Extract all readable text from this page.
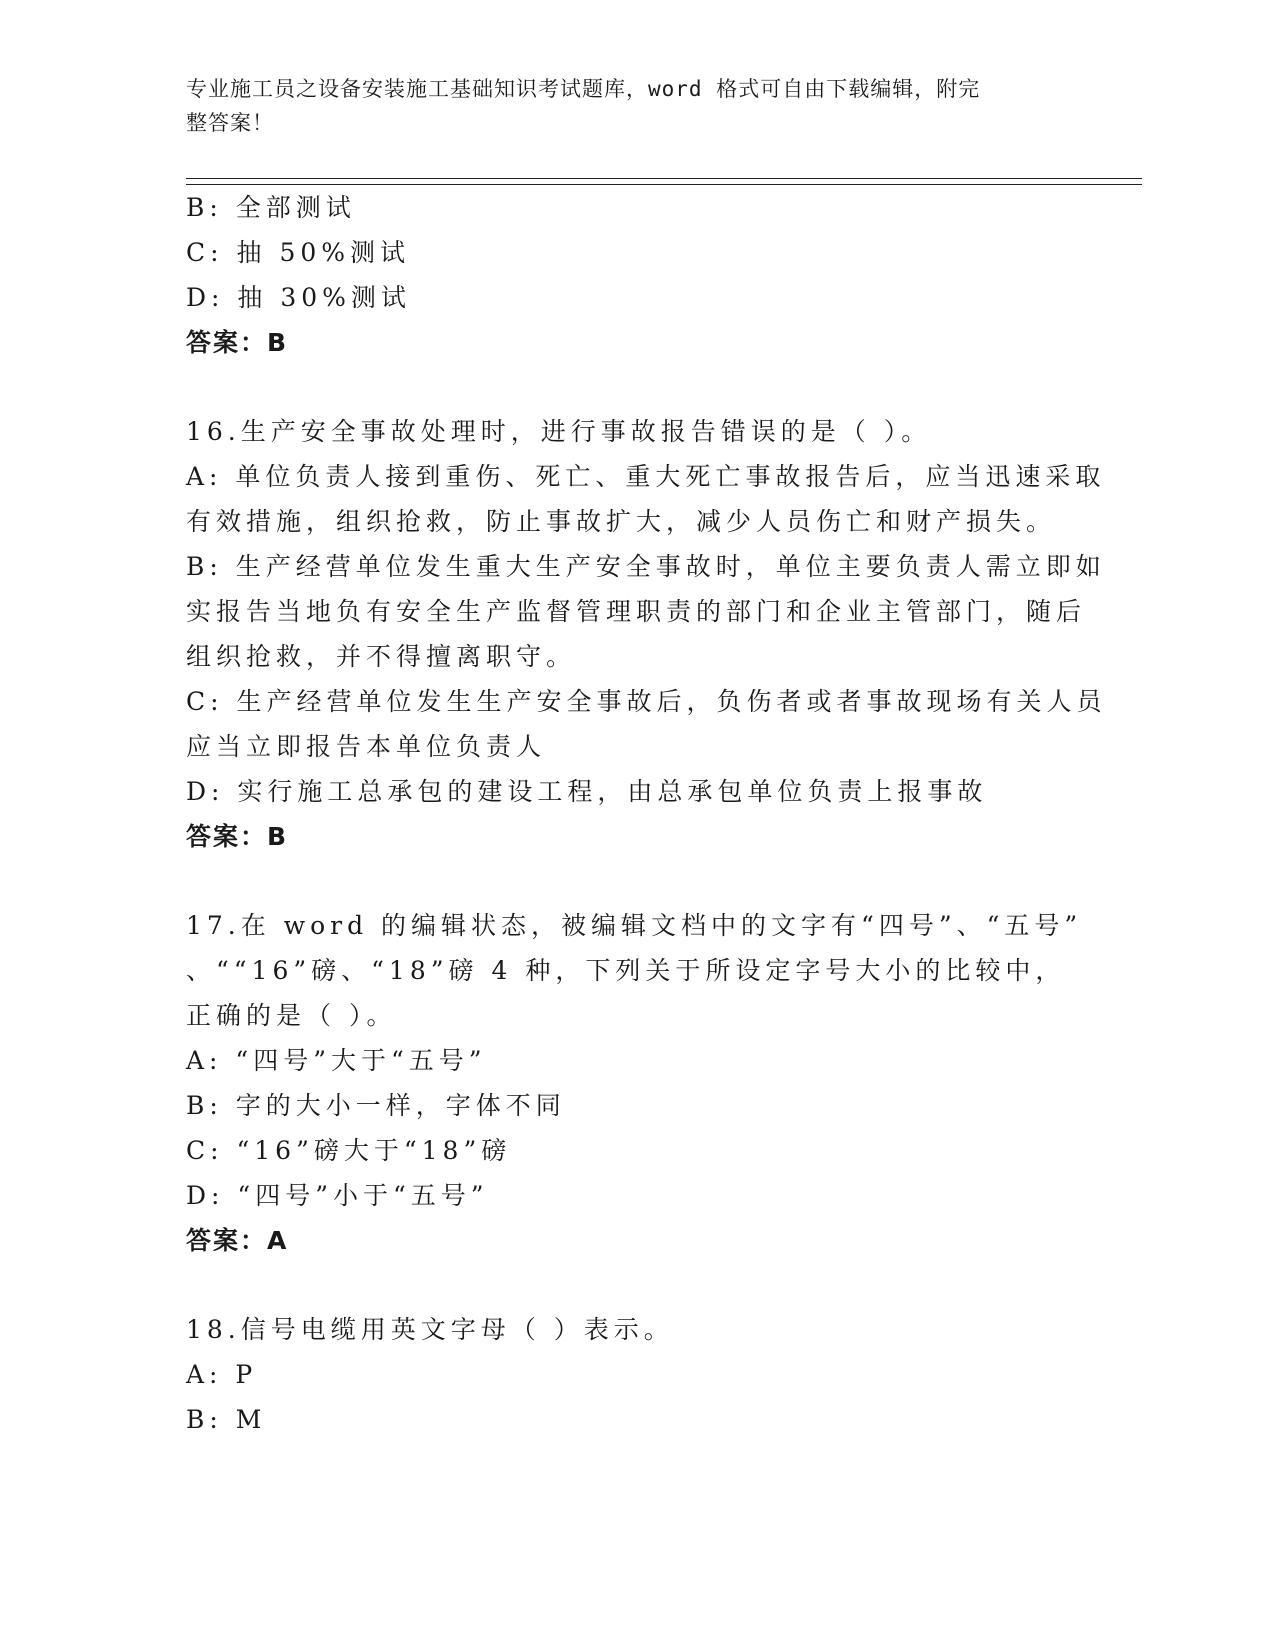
专业施工员之设备安装施工基础知识考试题库，word 格式可自由下载编辑，附完
整答案！
B: 全部测试
C: 抽 50%测试
D: 抽 30%测试
答案：B
16.生产安全事故处理时，进行事故报告错误的是（ ）。
A: 单位负责人接到重伤、死亡、重大死亡事故报告后，应当迅速采取
有效措施，组织抢救，防止事故扩大，减少人员伤亡和财产损失。
B: 生产经营单位发生重大生产安全事故时，单位主要负责人需立即如
实报告当地负有安全生产监督管理职责的部门和企业主管部门，随后
组织抢救，并不得擅离职守。
C: 生产经营单位发生生产安全事故后，负伤者或者事故现场有关人员
应当立即报告本单位负责人
D: 实行施工总承包的建设工程，由总承包单位负责上报事故
答案：B
17.在 word 的编辑状态，被编辑文档中的文字有“四号”、“五号”
、““16”磅、“18”磅 4 种，下列关于所设定字号大小的比较中，
正确的是（ ）。
A: “四号”大于“五号”
B: 字的大小一样，字体不同
C: “16”磅大于“18”磅
D: “四号”小于“五号”
答案：A
18.信号电缆用英文字母（ ）表示。
A: P
B: M
